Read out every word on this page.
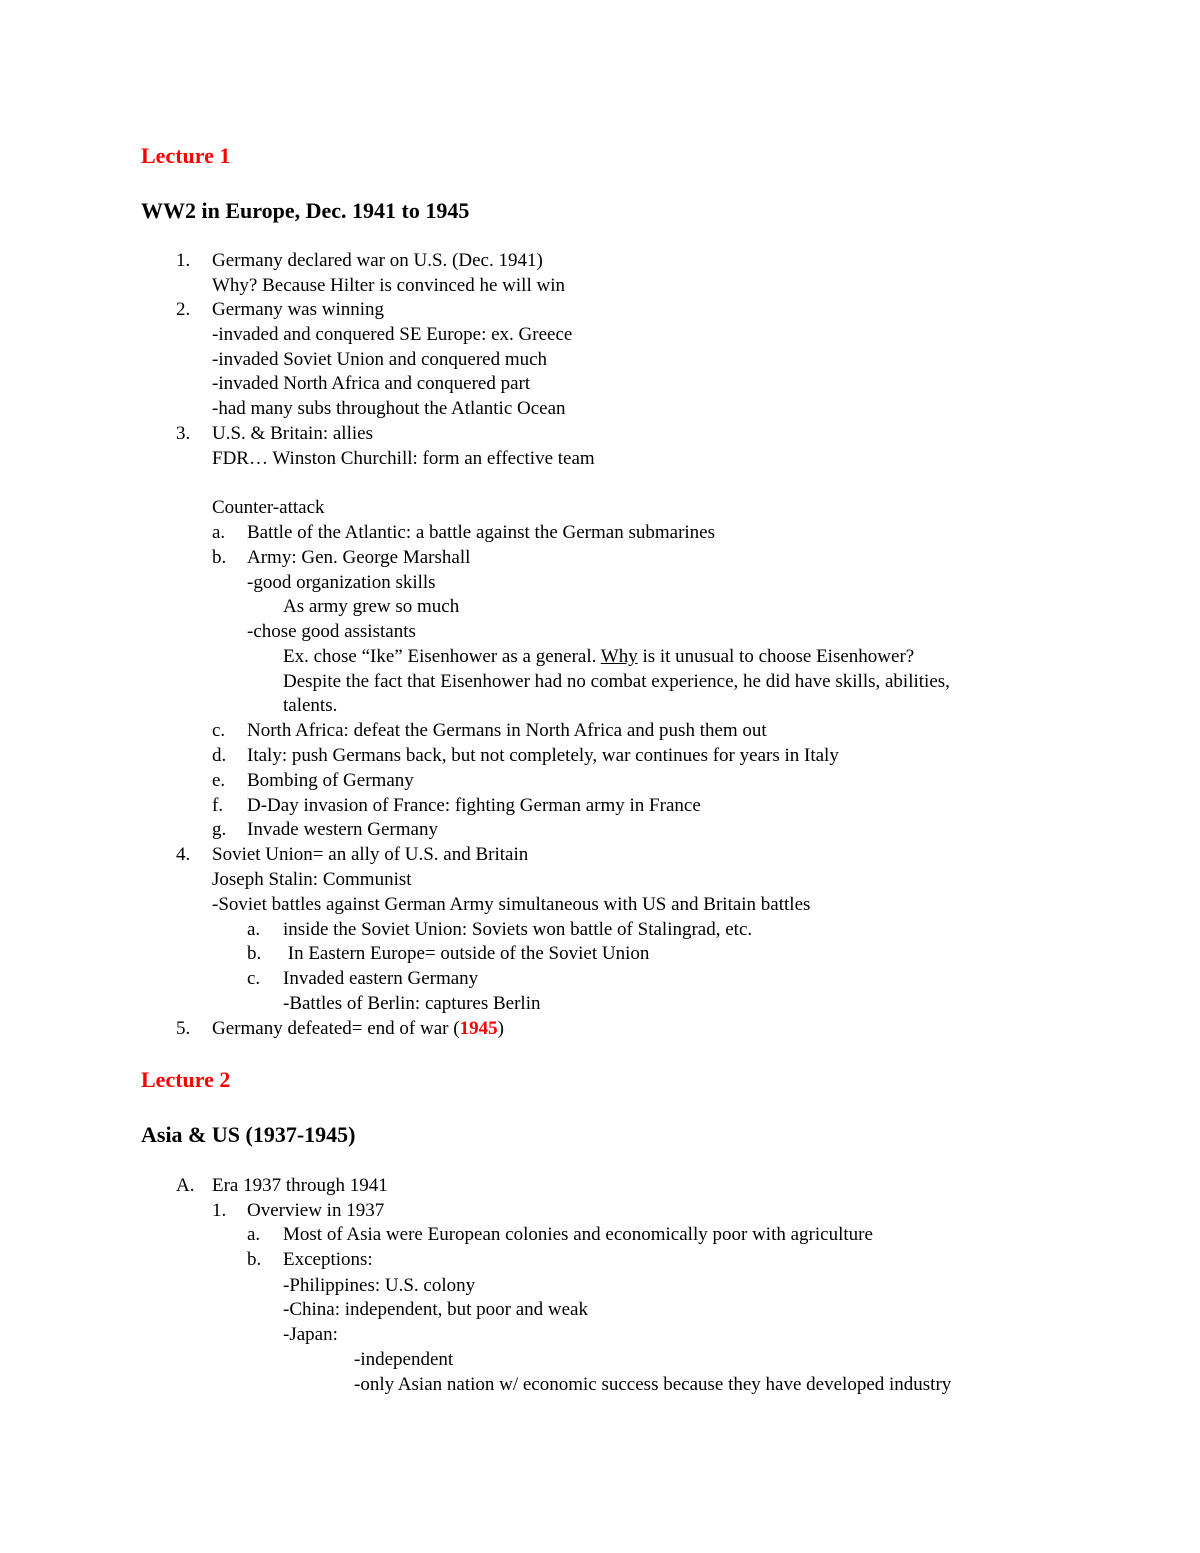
Lecture 1
WW2 in Europe, Dec. 1941 to 1945
1. Germany declared war on U.S. (Dec. 1941)
Why? Because Hilter is convinced he will win
2. Germany was winning
-invaded and conquered SE Europe: ex. Greece
-invaded Soviet Union and conquered much
-invaded North Africa and conquered part
-had many subs throughout the Atlantic Ocean
3. U.S. & Britain: allies
FDR… Winston Churchill: form an effective team
Counter-attack
a. Battle of the Atlantic: a battle against the German submarines
b. Army: Gen. George Marshall
-good organization skills
As army grew so much
-chose good assistants
Ex. chose “Ike” Eisenhower as a general. Why is it unusual to choose Eisenhower?
Despite the fact that Eisenhower had no combat experience, he did have skills, abilities,
talents.
c. North Africa: defeat the Germans in North Africa and push them out
d. Italy: push Germans back, but not completely, war continues for years in Italy
e. Bombing of Germany
f. D-Day invasion of France: fighting German army in France
g. Invade western Germany
4. Soviet Union= an ally of U.S. and Britain
Joseph Stalin: Communist
-Soviet battles against German Army simultaneous with US and Britain battles
a. inside the Soviet Union: Soviets won battle of Stalingrad, etc.
b. In Eastern Europe= outside of the Soviet Union
c. Invaded eastern Germany
-Battles of Berlin: captures Berlin
5. Germany defeated= end of war (1945)
Lecture 2
Asia & US (1937-1945)
A. Era 1937 through 1941
1. Overview in 1937
a. Most of Asia were European colonies and economically poor with agriculture
b. Exceptions:
-Philippines: U.S. colony
-China: independent, but poor and weak
-Japan:
-independent
-only Asian nation w/ economic success because they have developed industry
